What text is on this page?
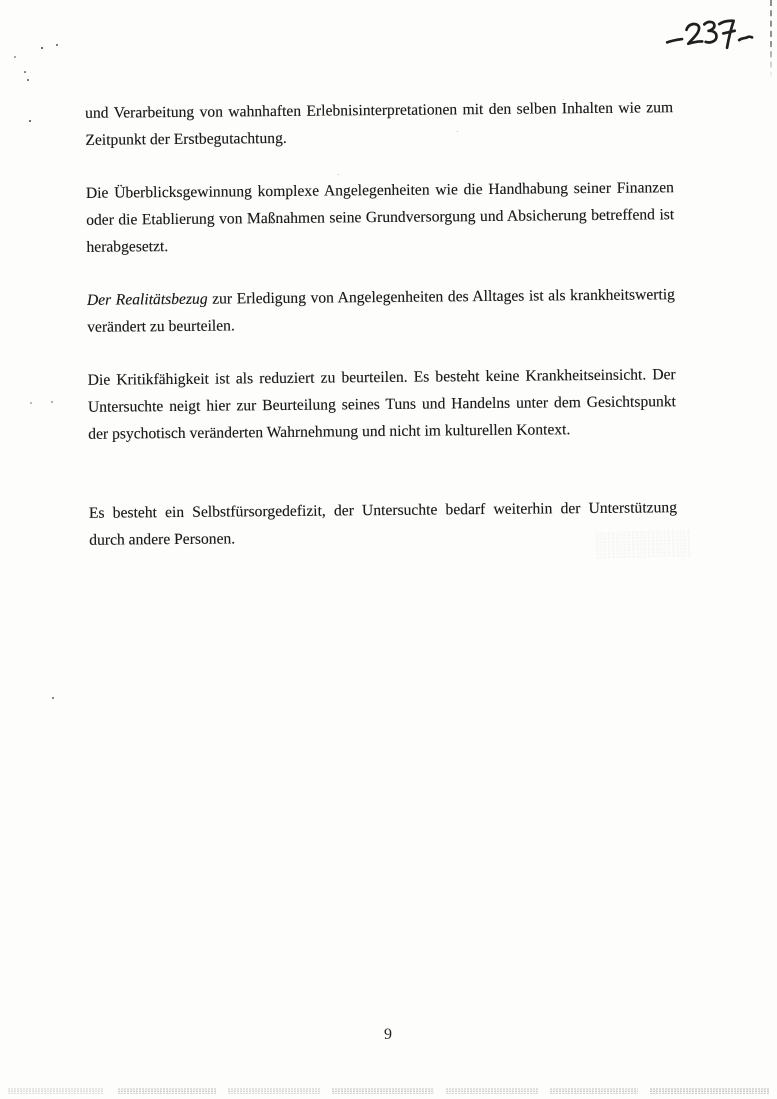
und Verarbeitung von wahnhaften Erlebnisinterpretationen mit den selben Inhalten wie zum
Zeitpunkt der Erstbegutachtung.
Die Überblicksgewinnung komplexe Angelegenheiten wie die Handhabung seiner Finanzen
oder die Etablierung von Maßnahmen seine Grundversorgung und Absicherung betreffend ist
herabgesetzt.
Der Realitätsbezug zur Erledigung von Angelegenheiten des Alltages ist als krankheitswertig
verändert zu beurteilen.
Die Kritikfähigkeit ist als reduziert zu beurteilen. Es besteht keine Krankheitseinsicht. Der
Untersuchte neigt hier zur Beurteilung seines Tuns und Handelns unter dem Gesichtspunkt
der psychotisch veränderten Wahrnehmung und nicht im kulturellen Kontext.
Es besteht ein Selbstfürsorgedefizit, der Untersuchte bedarf weiterhin der Unterstützung
durch andere Personen.
9
